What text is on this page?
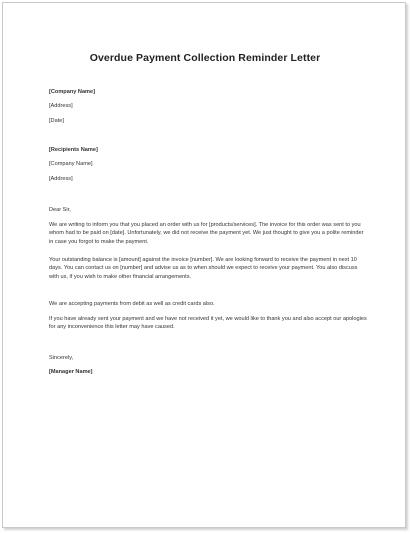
Overdue Payment Collection Reminder Letter
[Company Name]
[Address]
[Date]
[Recipients Name]
[Company Name]
[Address]
Dear Sir,
We are writing to inform you that you placed an order with us for [products/services]. The invoice for this order was sent to you whom had to be paid on [date]. Unfortunately, we did not receive the payment yet. We just thought to give you a polite reminder in case you forgot to make the payment.
Your outstanding balance is [amount] against the invoice [number]. We are looking forward to receive the payment in next 10 days. You can contact us on [number] and advise us as to when should we expect to receive your payment. You also discuss with us, if you wish to make other financial arrangements.
We are accepting payments from debit as well as credit cards also.
If you have already sent your payment and we have not received it yet, we would like to thank you and also accept our apologies for any inconvenience this letter may have caused.
Sincerely,
[Manager Name]
